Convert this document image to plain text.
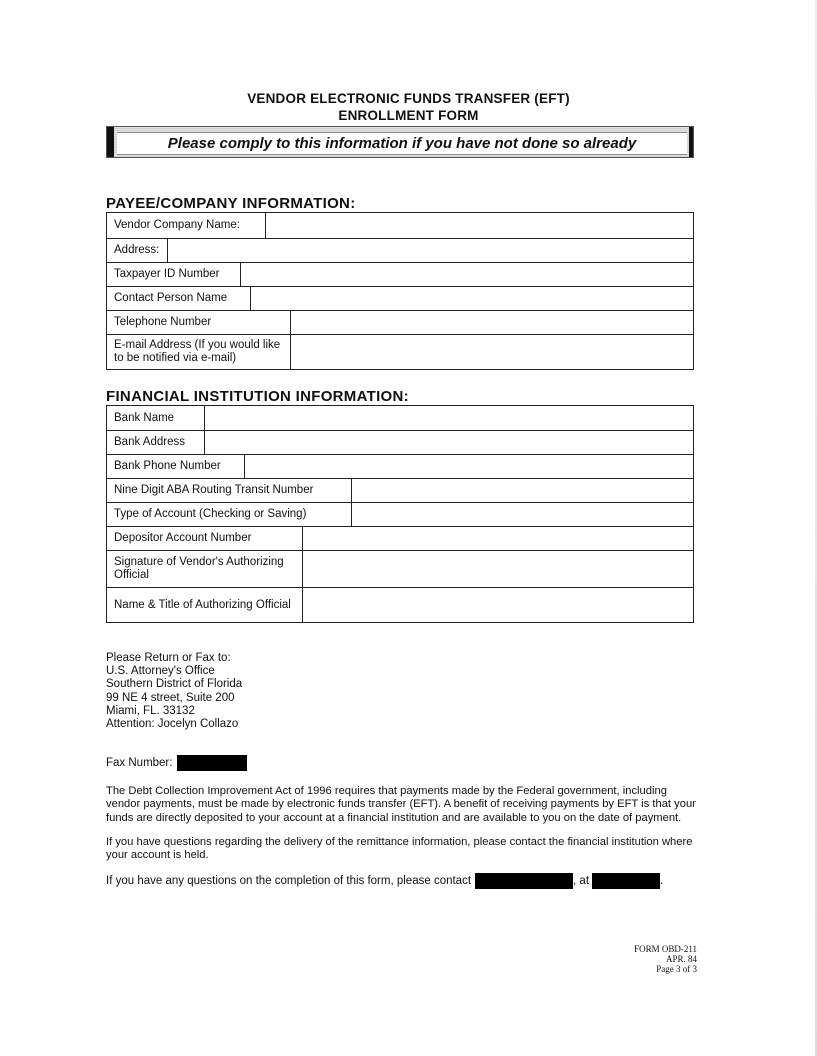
VENDOR ELECTRONIC FUNDS TRANSFER (EFT)
ENROLLMENT FORM
Please comply to this information if you have not done so already
PAYEE/COMPANY INFORMATION:
Vendor Company Name:
Address:
Taxpayer ID Number
Contact Person Name
Telephone Number
E-mail Address (If you would like to be notified via e-mail)
FINANCIAL INSTITUTION INFORMATION:
Bank Name
Bank Address
Bank Phone Number
Nine Digit ABA Routing Transit Number
Type of Account (Checking or Saving)
Depositor Account Number
Signature of Vendor's Authorizing Official
Name & Title of Authorizing Official
Please Return or Fax to:
U.S. Attorney's Office
Southern District of Florida
99 NE 4 street, Suite 200
Miami, FL. 33132
Attention: Jocelyn Collazo
Fax Number:
The Debt Collection Improvement Act of 1996 requires that payments made by the Federal government, including vendor payments, must be made by electronic funds transfer (EFT). A benefit of receiving payments by EFT is that your funds are directly deposited to your account at a financial institution and are available to you on the date of payment.
If you have questions regarding the delivery of the remittance information, please contact the financial institution where your account is held.
If you have any questions on the completion of this form, please contact	, at	.
FORM OBD-211
APR. 84
Page 3 of 3
